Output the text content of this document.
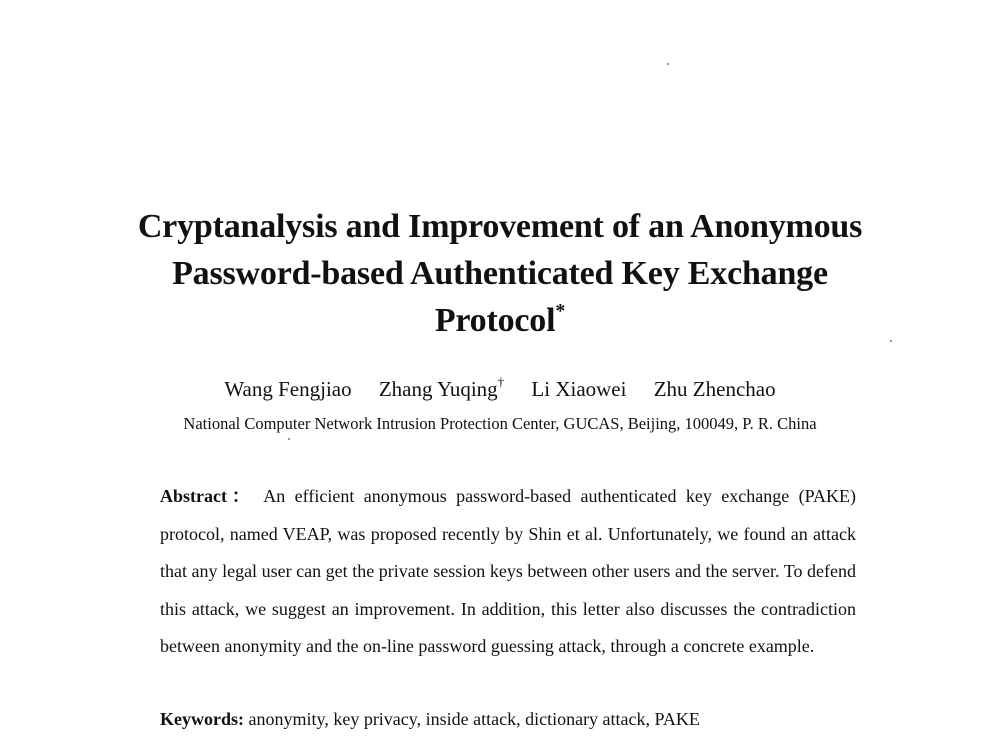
Cryptanalysis and Improvement of an Anonymous
Password-based Authenticated Key Exchange
Protocol*
Wang Fengjiao Zhang Yuqing† Li Xiaowei Zhu Zhenchao
National Computer Network Intrusion Protection Center, GUCAS, Beijing, 100049, P. R. China
Abstract： An efficient anonymous password-based authenticated key exchange (PAKE) protocol, named VEAP, was proposed recently by Shin et al. Unfortunately, we found an attack that any legal user can get the private session keys between other users and the server. To defend this attack, we suggest an improvement. In addition, this letter also discusses the contradiction between anonymity and the on-line password guessing attack, through a concrete example.
Keywords: anonymity, key privacy, inside attack, dictionary attack, PAKE
